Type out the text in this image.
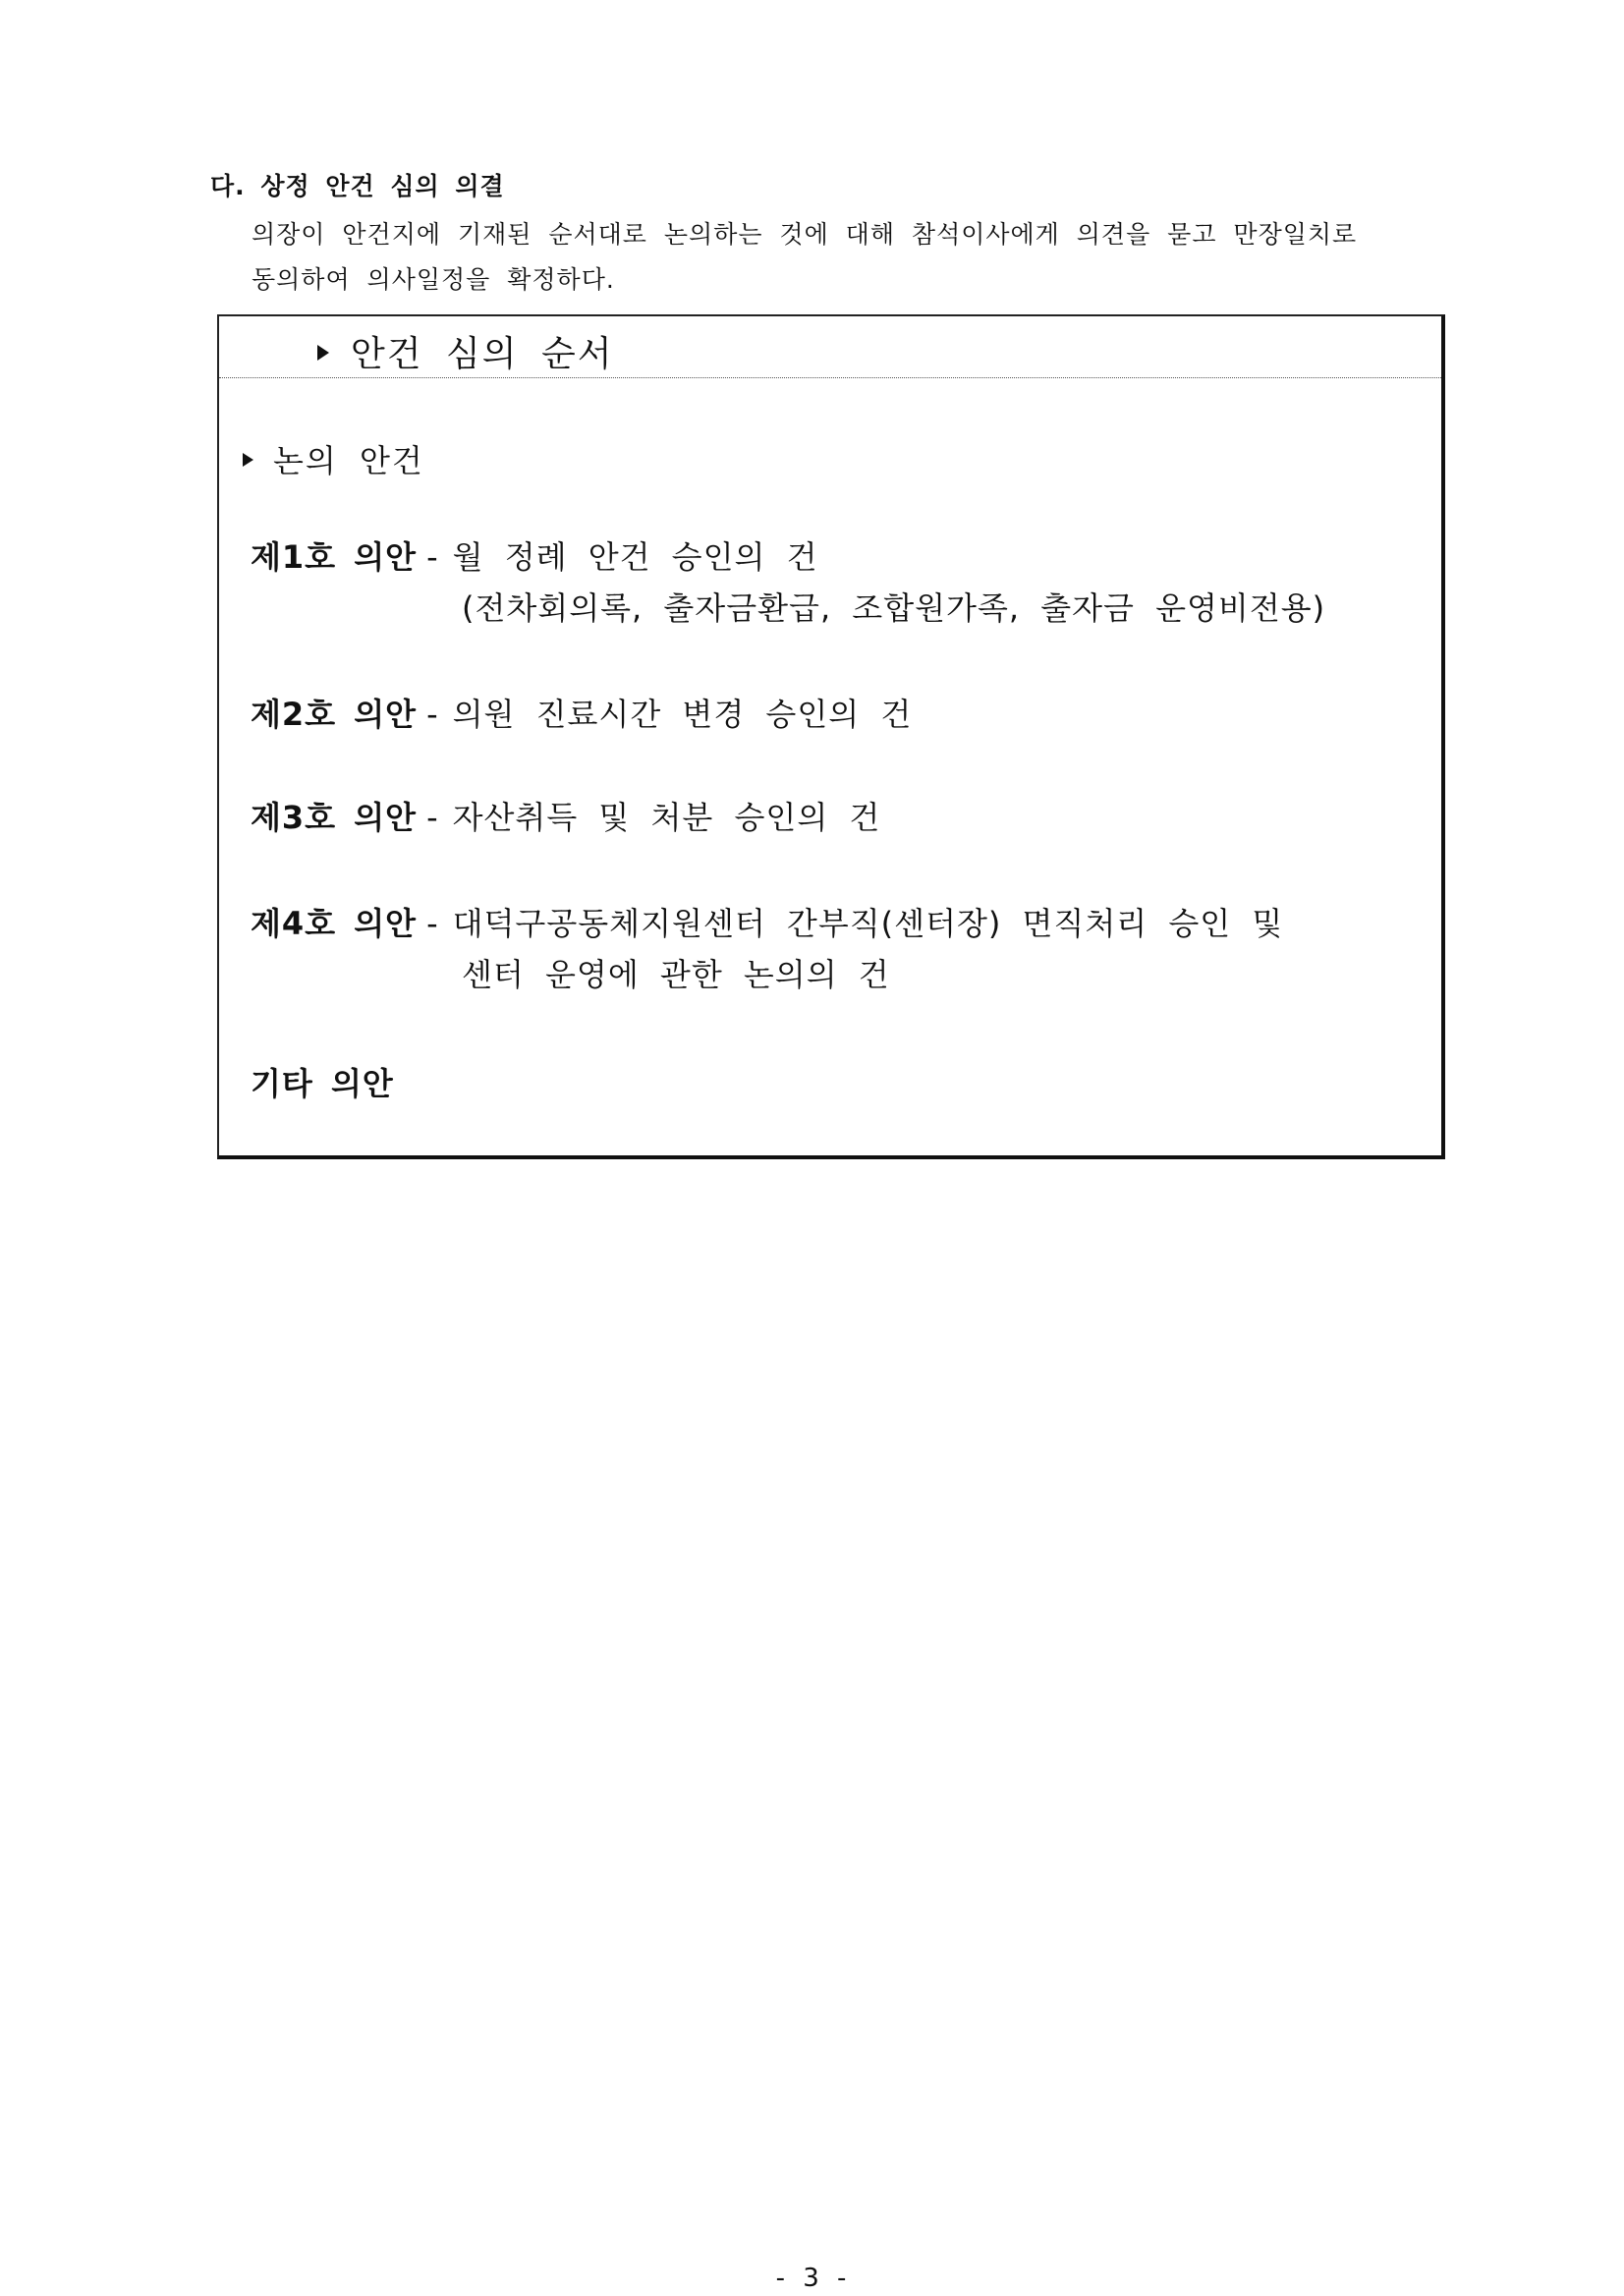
다. 상정 안건 심의 의결
의장이 안건지에 기재된 순서대로 논의하는 것에 대해 참석이사에게 의견을 묻고 만장일치로
동의하여 의사일정을 확정하다.
안건 심의 순서
논의 안건
제1호 의안 - 월 정례 안건 승인의 건
(전차회의록, 출자금환급, 조합원가족, 출자금 운영비전용)
제2호 의안 - 의원 진료시간 변경 승인의 건
제3호 의안 - 자산취득 및 처분 승인의 건
제4호 의안 - 대덕구공동체지원센터 간부직(센터장) 면직처리 승인 및
센터 운영에 관한 논의의 건
기타 의안
- 3 -
